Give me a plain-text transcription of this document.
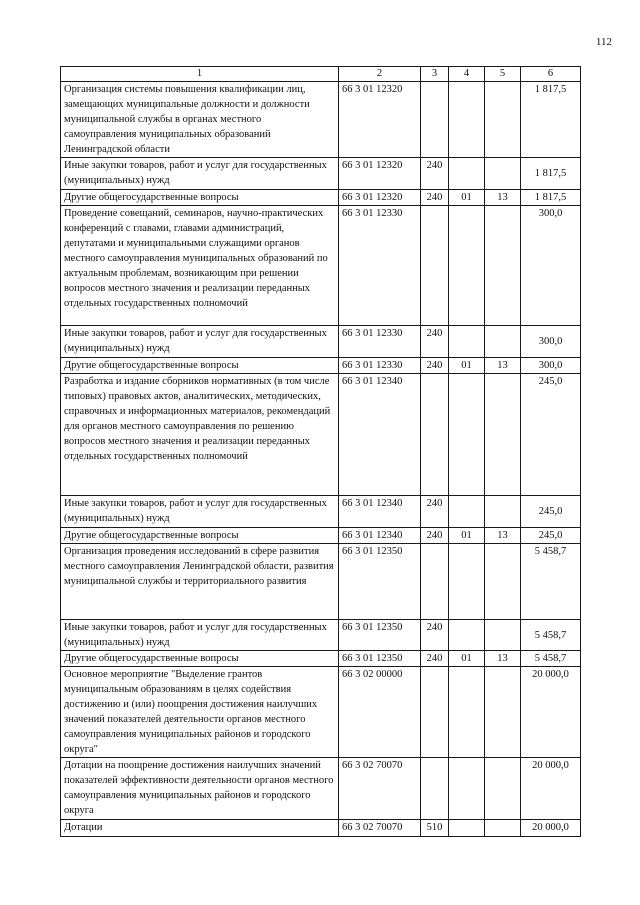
112
1	2	3	4	5	6
Организация системы повышения квалификации лиц, замещающих муниципальные должности и должности муниципальной службы в органах местного самоуправления муниципальных образований Ленинградской области	66 3 01 12320				1 817,5
Иные закупки товаров, работ и услуг для государственных (муниципальных) нужд	66 3 01 12320	240			1 817,5
Другие общегосударственные вопросы	66 3 01 12320	240	01	13	1 817,5
Проведение совещаний, семинаров, научно-практических конференций с главами, главами администраций, депутатами и муниципальными служащими органов местного самоуправления муниципальных образований по актуальным проблемам, возникающим при решении вопросов местного значения и реализации переданных отдельных государственных полномочий	66 3 01 12330				300,0
Иные закупки товаров, работ и услуг для государственных (муниципальных) нужд	66 3 01 12330	240			300,0
Другие общегосударственные вопросы	66 3 01 12330	240	01	13	300,0
Разработка и издание сборников нормативных (в том числе типовых) правовых актов, аналитических, методических, справочных и информационных материалов, рекомендаций для органов местного самоуправления по решению вопросов местного значения и реализации переданных отдельных государственных полномочий	66 3 01 12340				245,0
Иные закупки товаров, работ и услуг для государственных (муниципальных) нужд	66 3 01 12340	240			245,0
Другие общегосударственные вопросы	66 3 01 12340	240	01	13	245,0
Организация проведения исследований в сфере развития местного самоуправления Ленинградской области, развития муниципальной службы и территориального развития	66 3 01 12350				5 458,7
Иные закупки товаров, работ и услуг для государственных (муниципальных) нужд	66 3 01 12350	240			5 458,7
Другие общегосударственные вопросы	66 3 01 12350	240	01	13	5 458,7
Основное мероприятие "Выделение грантов муниципальным образованиям в целях содействия достижению и (или) поощрения достижения наилучших значений показателей деятельности органов местного самоуправления муниципальных районов и городского округа"	66 3 02 00000				20 000,0
Дотации на поощрение достижения наилучших значений показателей эффективности деятельности органов местного самоуправления муниципальных районов и городского округа	66 3 02 70070				20 000,0
Дотации	66 3 02 70070	510			20 000,0
